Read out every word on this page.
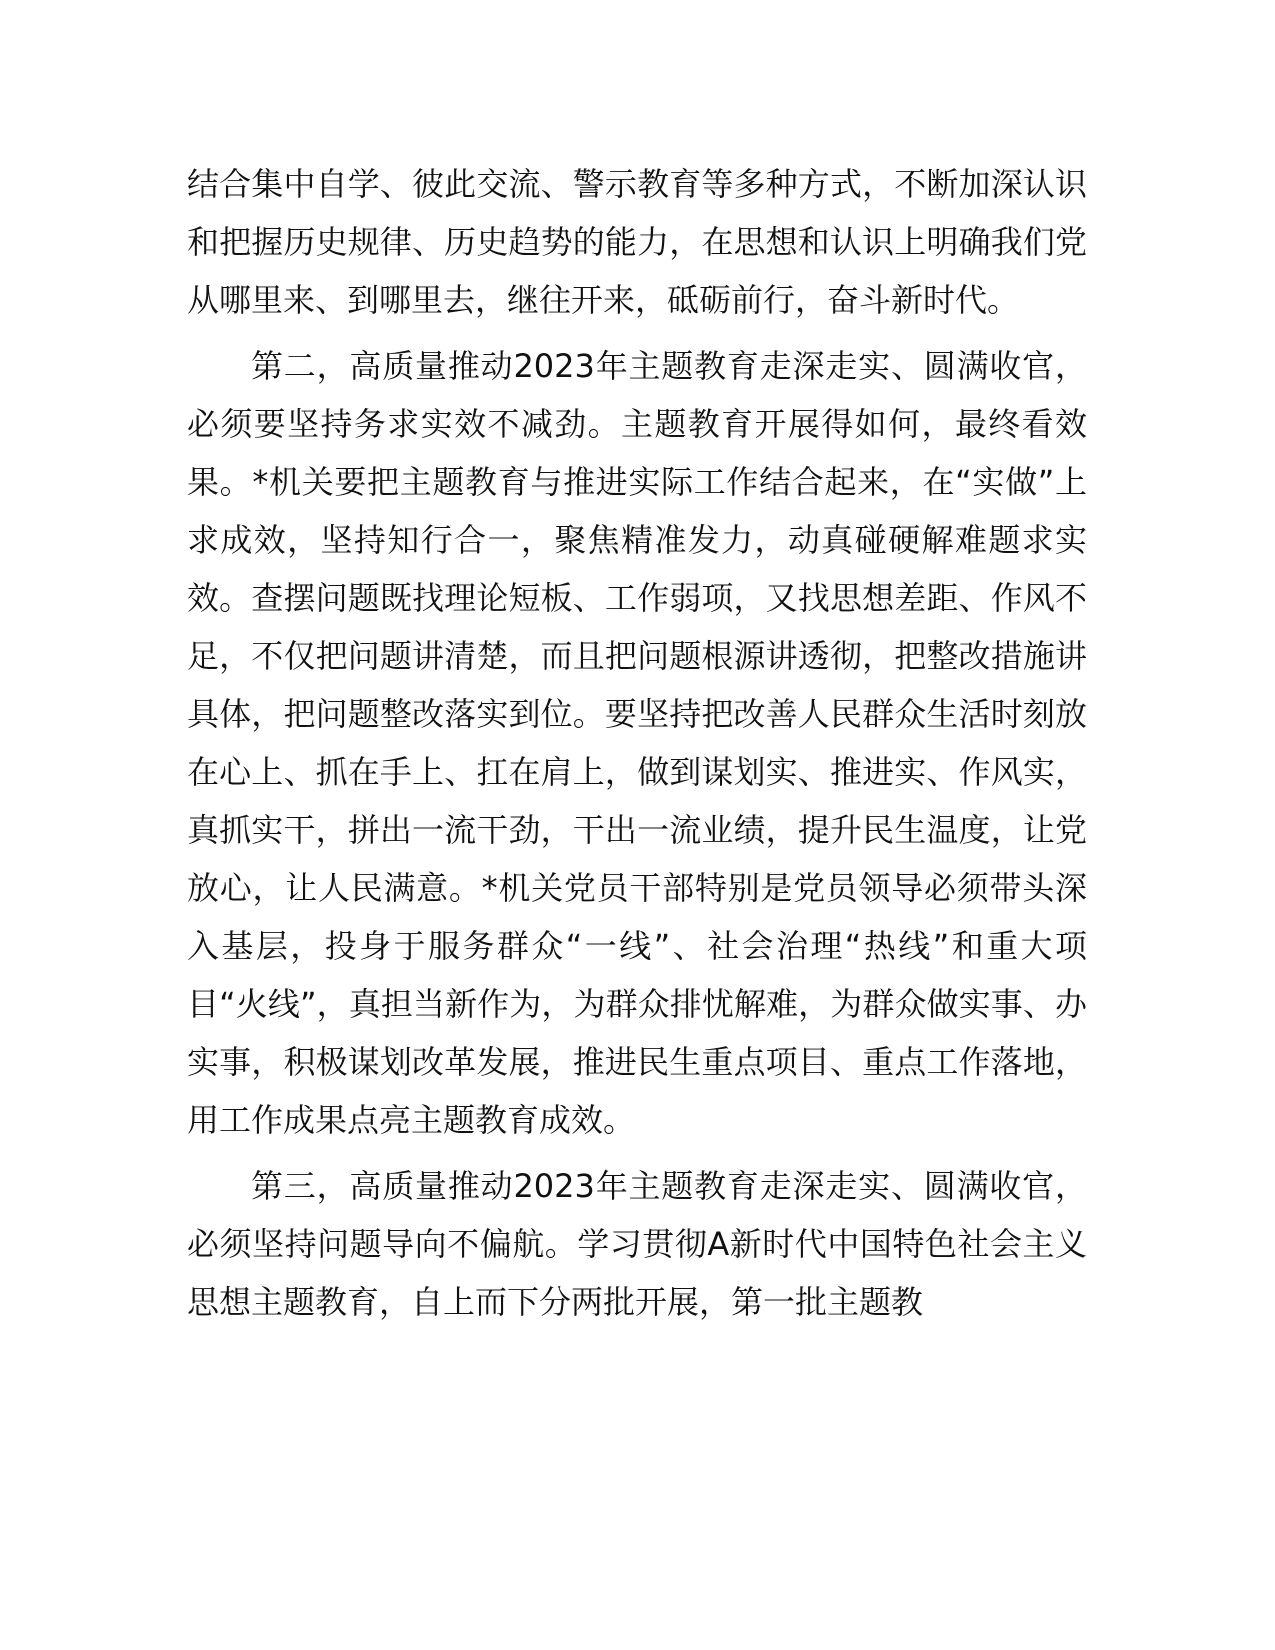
结合集中自学、彼此交流、警示教育等多种方式，不断加深认识和把握历史规律、历史趋势的能力，在思想和认识上明确我们党从哪里来、到哪里去，继往开来，砥砺前行，奋斗新时代。

第二，高质量推动2023年主题教育走深走实、圆满收官，必须要坚持务求实效不减劲。主题教育开展得如何，最终看效果。*机关要把主题教育与推进实际工作结合起来，在“实做”上求成效，坚持知行合一，聚焦精准发力，动真碰硬解难题求实效。查摆问题既找理论短板、工作弱项，又找思想差距、作风不足，不仅把问题讲清楚，而且把问题根源讲透彻，把整改措施讲具体，把问题整改落实到位。要坚持把改善人民群众生活时刻放在心上、抓在手上、扛在肩上，做到谋划实、推进实、作风实，真抓实干，拼出一流干劲，干出一流业绩，提升民生温度，让党放心，让人民满意。*机关党员干部特别是党员领导必须带头深入基层，投身于服务群众“一线”、社会治理“热线”和重大项目“火线”，真担当新作为，为群众排忧解难，为群众做实事、办实事，积极谋划改革发展，推进民生重点项目、重点工作落地，用工作成果点亮主题教育成效。

第三，高质量推动2023年主题教育走深走实、圆满收官，必须坚持问题导向不偏航。学习贯彻A新时代中国特色社会主义思想主题教育，自上而下分两批开展，第一批主题教
